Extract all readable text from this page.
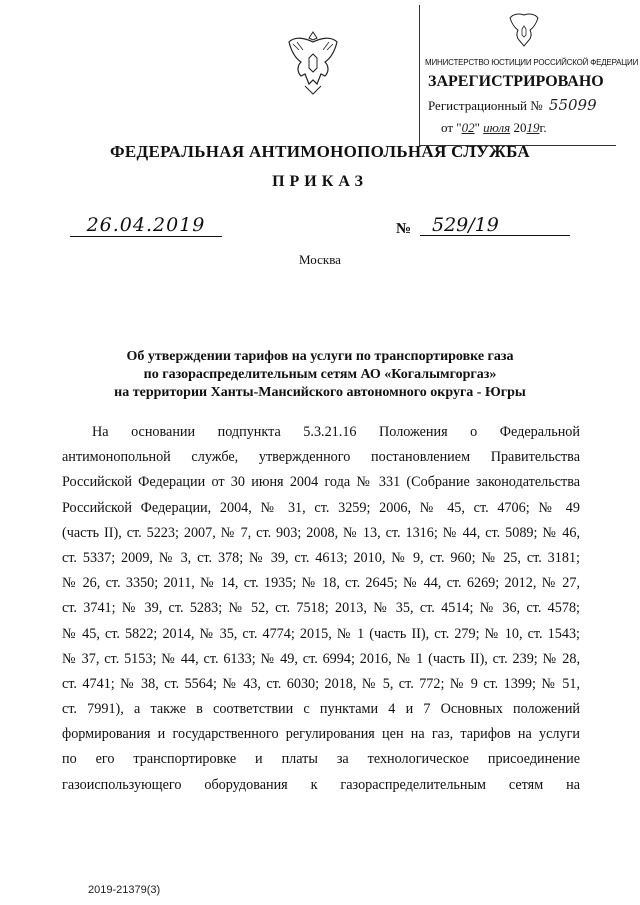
МИНИСТЕРСТВО ЮСТИЦИИ РОССИЙСКОЙ ФЕДЕРАЦИИ
ЗАРЕГИСТРИРОВАНО
Регистрационный № 55099
от "02" июля 2019г.
ФЕДЕРАЛЬНАЯ АНТИМОНОПОЛЬНАЯ СЛУЖБА
ПРИКАЗ
26.04.2019	№	529/19
Москва
Об утверждении тарифов на услуги по транспортировке газа
по газораспределительным сетям АО «Когалымгоргаз»
на территории Ханты-Мансийского автономного округа - Югры
На основании подпункта 5.3.21.16 Положения о Федеральной
антимонопольной службе, утвержденного постановлением Правительства
Российской Федерации от 30 июня 2004 года № 331 (Собрание законодательства
Российской Федерации, 2004, № 31, ст. 3259; 2006, № 45, ст. 4706; № 49
(часть II), ст. 5223; 2007, № 7, ст. 903; 2008, № 13, ст. 1316; № 44, ст. 5089; № 46,
ст. 5337; 2009, № 3, ст. 378; № 39, ст. 4613; 2010, № 9, ст. 960; № 25, ст. 3181;
№ 26, ст. 3350; 2011, № 14, ст. 1935; № 18, ст. 2645; № 44, ст. 6269; 2012, № 27,
ст. 3741; № 39, ст. 5283; № 52, ст. 7518; 2013, № 35, ст. 4514; № 36, ст. 4578;
№ 45, ст. 5822; 2014, № 35, ст. 4774; 2015, № 1 (часть II), ст. 279; № 10, ст. 1543;
№ 37, ст. 5153; № 44, ст. 6133; № 49, ст. 6994; 2016, № 1 (часть II), ст. 239; № 28,
ст. 4741; № 38, ст. 5564; № 43, ст. 6030; 2018, № 5, ст. 772; № 9 ст. 1399; № 51,
ст. 7991), а также в соответствии с пунктами 4 и 7 Основных положений
формирования и государственного регулирования цен на газ, тарифов на услуги
по его транспортировке и платы за технологическое присоединение
газоиспользующего оборудования к газораспределительным сетям на
2019-21379(3)
